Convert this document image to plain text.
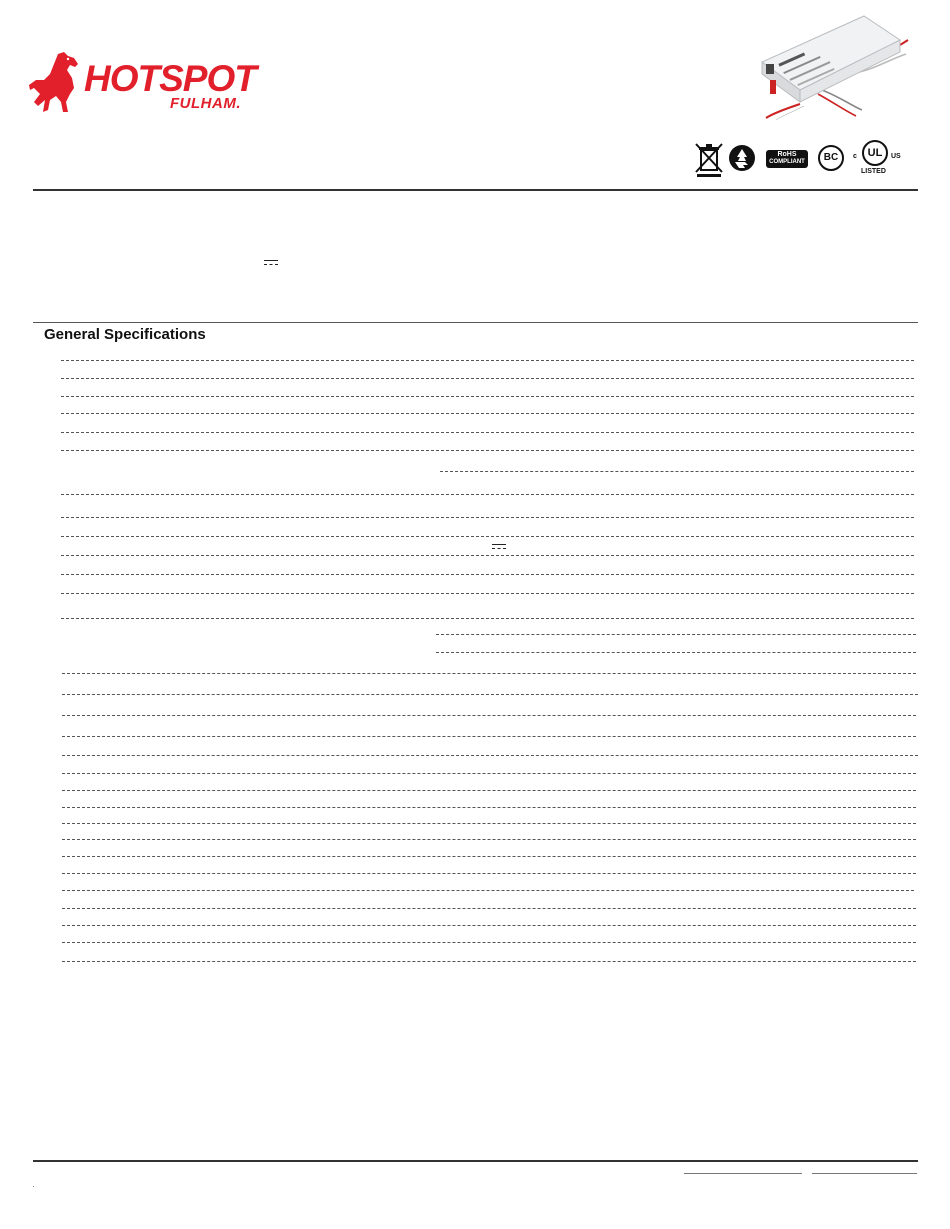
HOTSPOT
FULHAM.
RoHS
COMPLIANT	BC	c UL	US
LISTED
General Specifications
